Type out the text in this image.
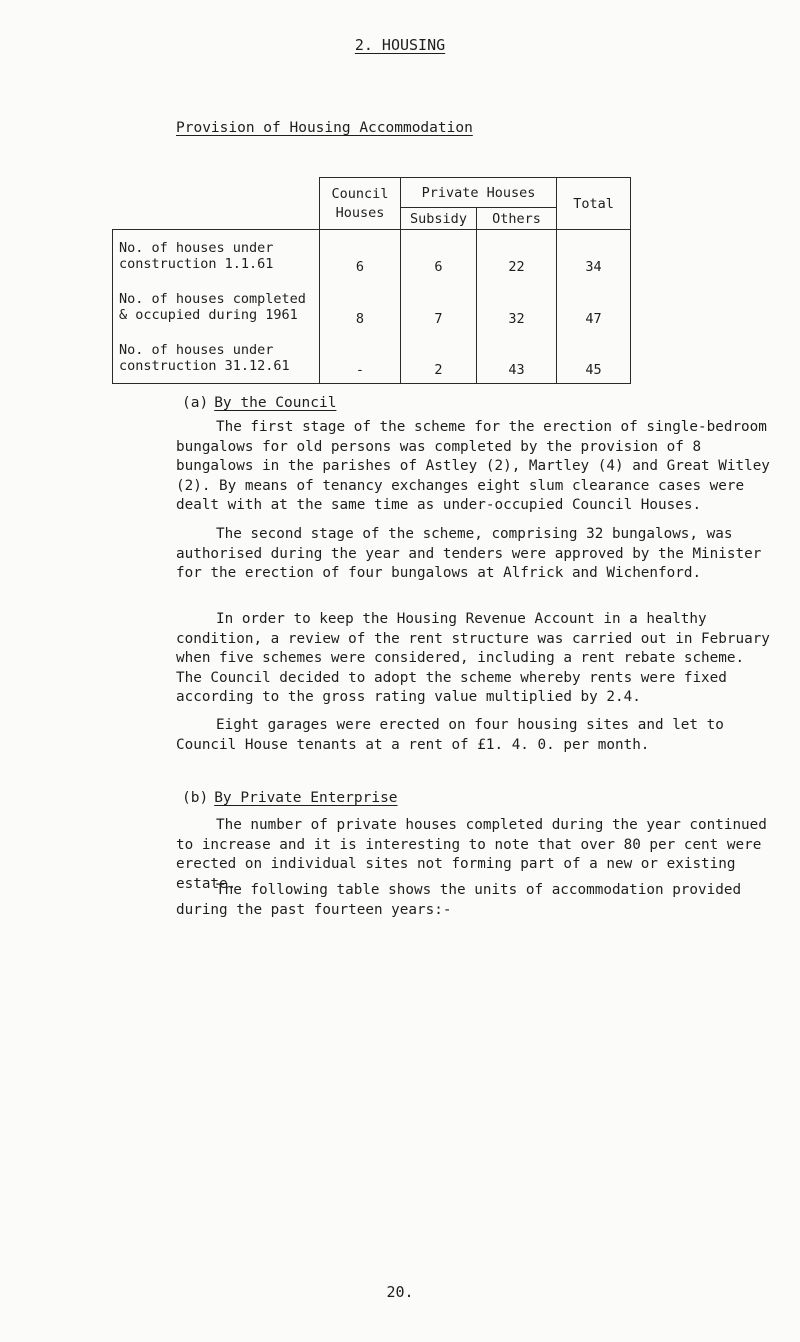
2. HOUSING
Provision of Housing Accommodation
	Council Houses	Private Houses		Total
		Subsidy	Others	
No. of houses under construction 1.1.61	6	6	22	34
No. of houses completed & occupied during 1961	8	7	32	47
No. of houses under construction 31.12.61	-	2	43	45
(a) By the Council
The first stage of the scheme for the erection of single-bedroom bungalows for old persons was completed by the provision of 8 bungalows in the parishes of Astley (2), Martley (4) and Great Witley (2). By means of tenancy exchanges eight slum clearance cases were dealt with at the same time as under-occupied Council Houses.
The second stage of the scheme, comprising 32 bungalows, was authorised during the year and tenders were approved by the Minister for the erection of four bungalows at Alfrick and Wichenford.
In order to keep the Housing Revenue Account in a healthy condition, a review of the rent structure was carried out in February when five schemes were considered, including a rent rebate scheme. The Council decided to adopt the scheme whereby rents were fixed according to the gross rating value multiplied by 2.4.
Eight garages were erected on four housing sites and let to Council House tenants at a rent of £1. 4. 0. per month.
(b) By Private Enterprise
The number of private houses completed during the year continued to increase and it is interesting to note that over 80 per cent were erected on individual sites not forming part of a new or existing estate.
The following table shows the units of accommodation provided during the past fourteen years:-
20.
